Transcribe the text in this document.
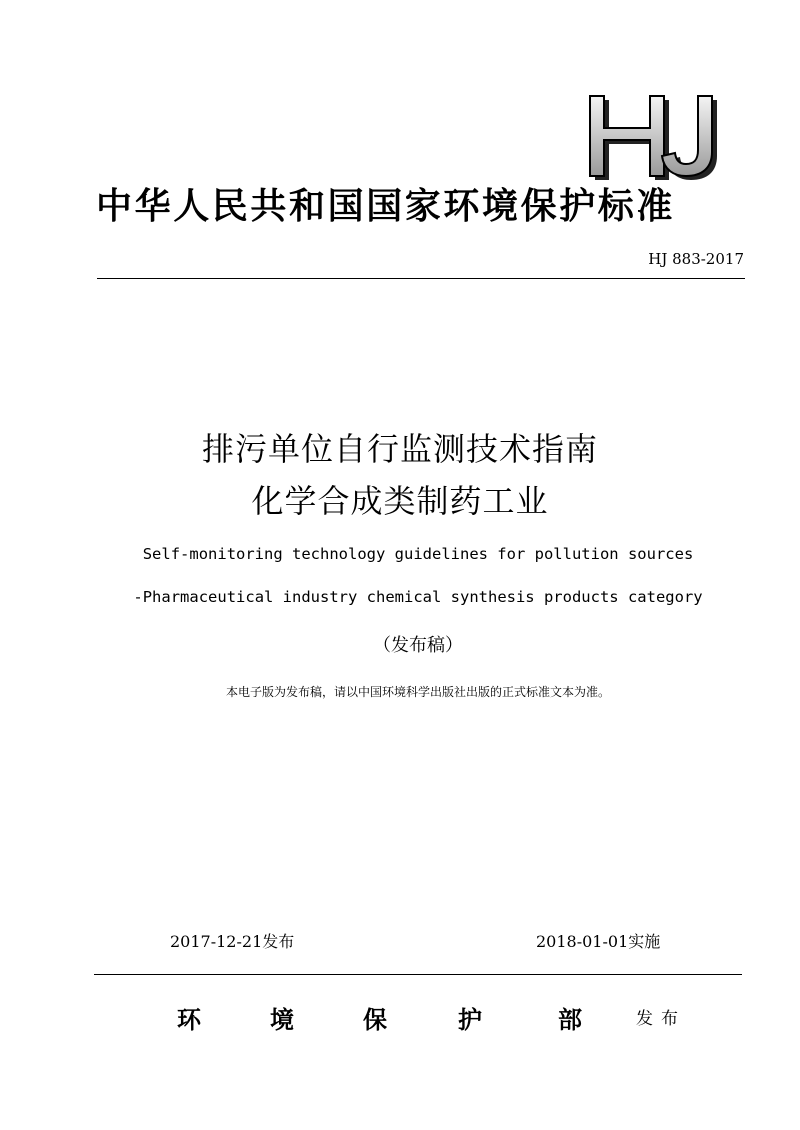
中华人民共和国国家环境保护标准
HJ 883-2017
排污单位自行监测技术指南
化学合成类制药工业
Self-monitoring technology guidelines for pollution sources
-Pharmaceutical industry chemical synthesis products category
（发布稿）
本电子版为发布稿，请以中国环境科学出版社出版的正式标准文本为准。
2017-12-21发布	2018-01-01实施
环	境	保	护	部	发布
